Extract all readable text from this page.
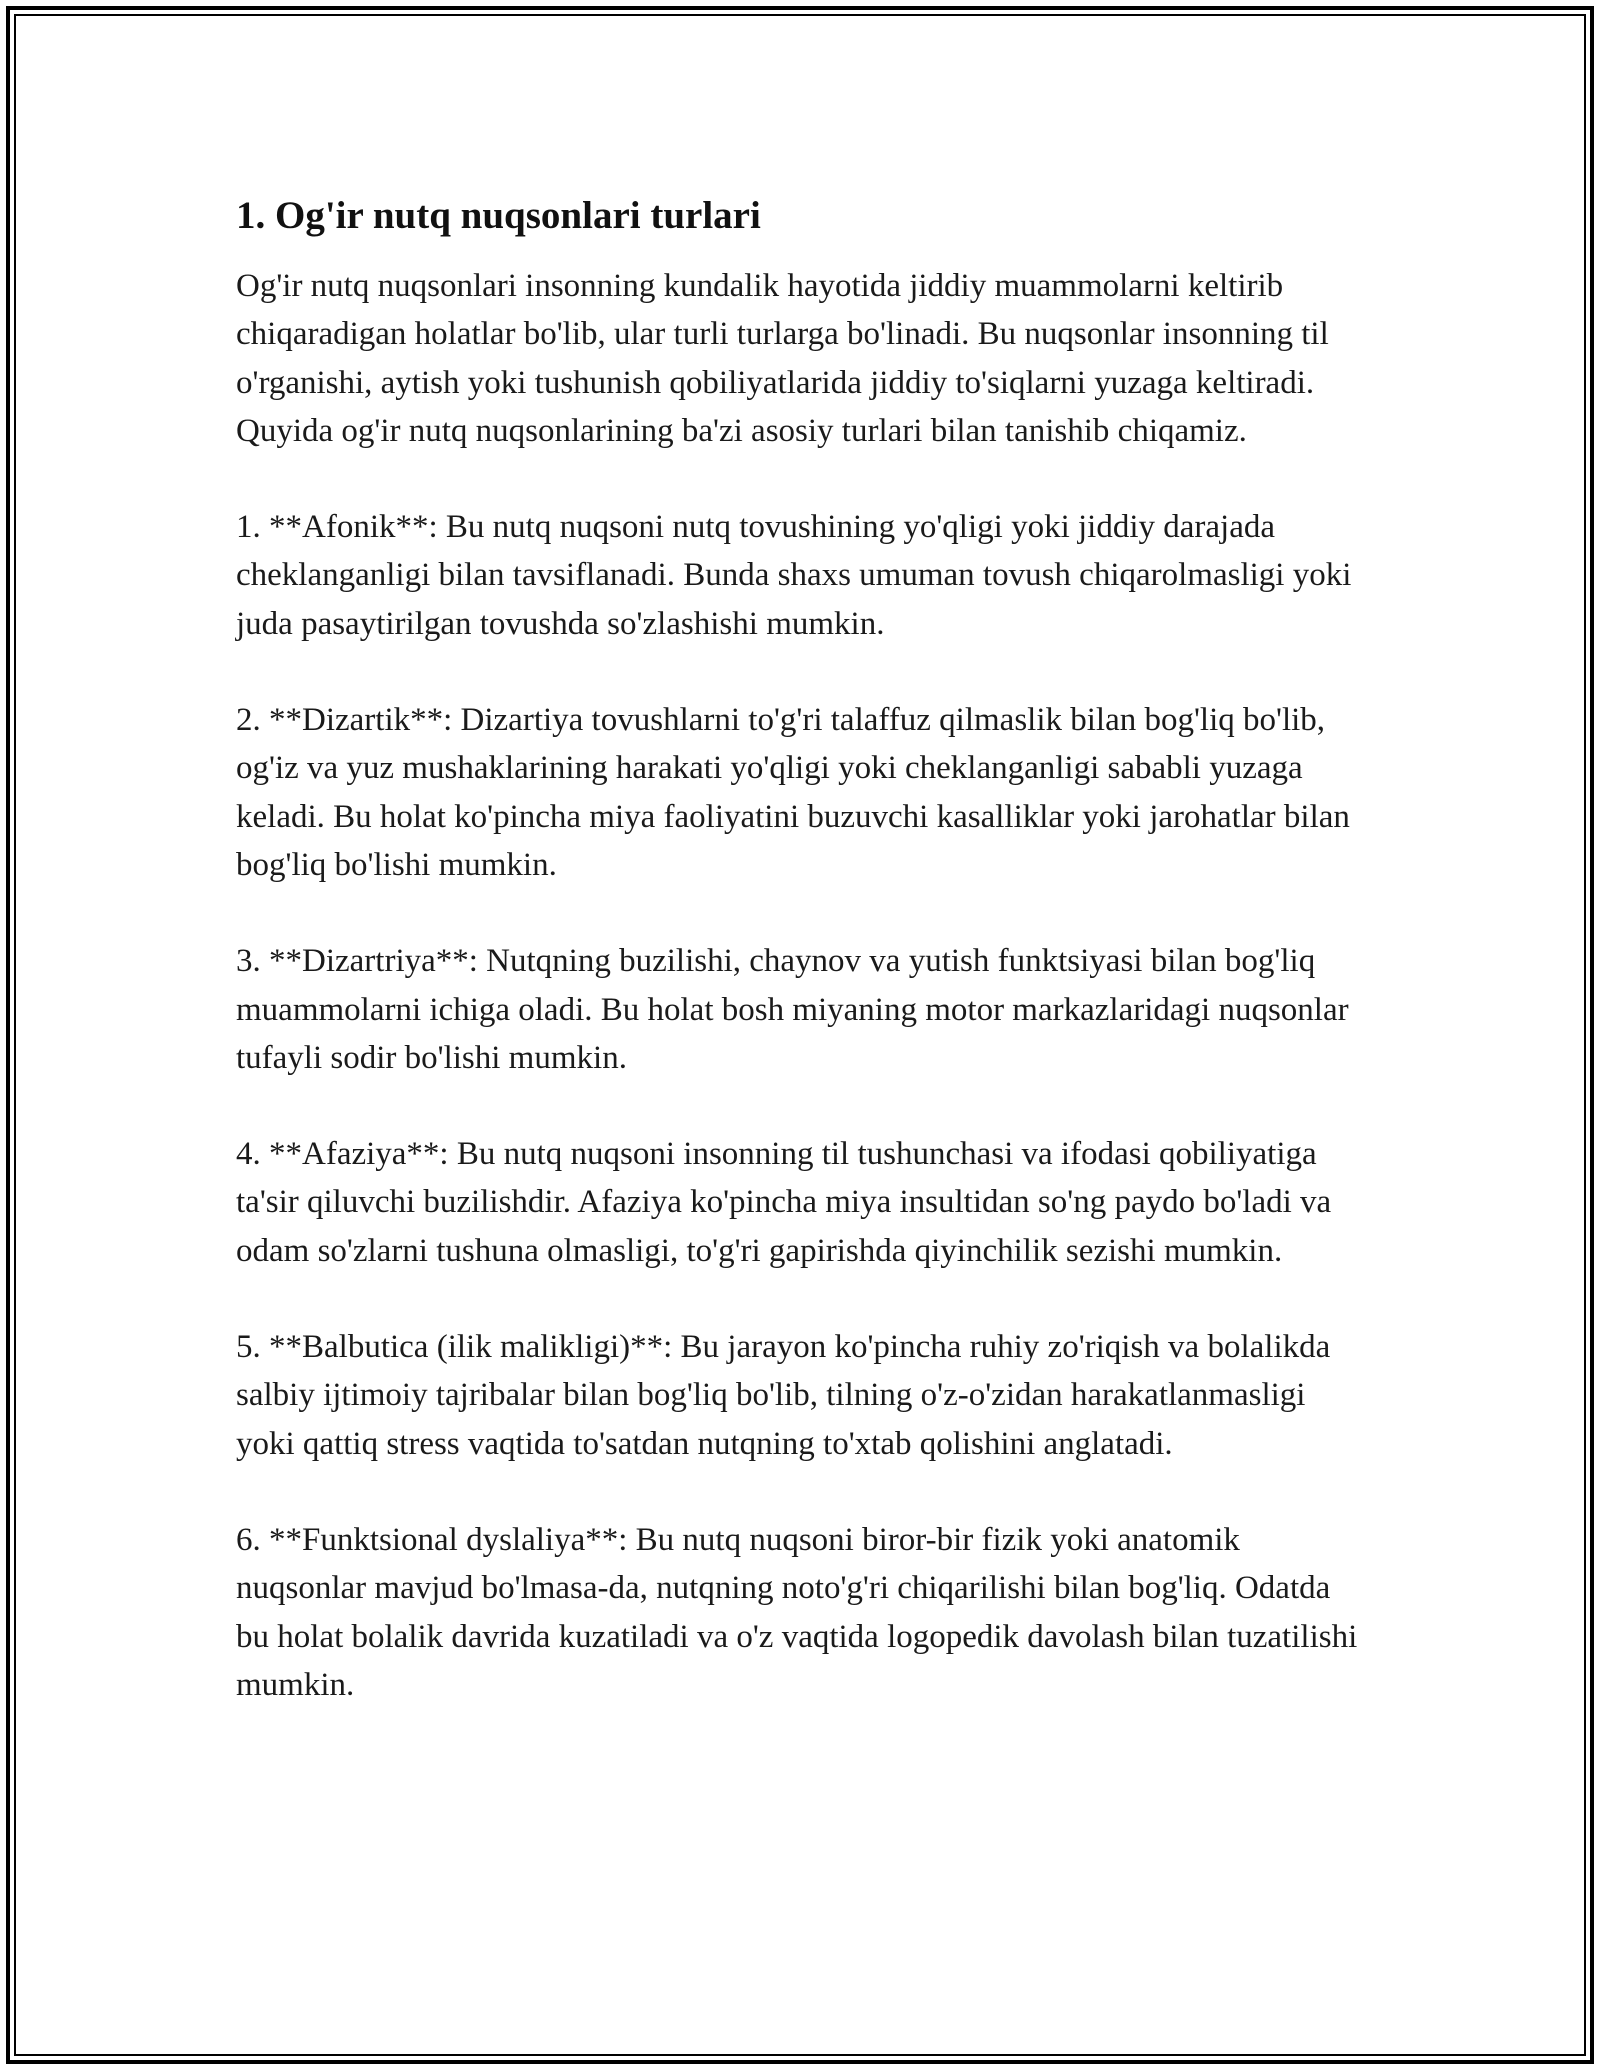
1. Og'ir nutq nuqsonlari turlari

Og'ir nutq nuqsonlari insonning kundalik hayotida jiddiy muammolarni keltirib chiqaradigan holatlar bo'lib, ular turli turlarga bo'linadi. Bu nuqsonlar insonning til o'rganishi, aytish yoki tushunish qobiliyatlarida jiddiy to'siqlarni yuzaga keltiradi. Quyida og'ir nutq nuqsonlarining ba'zi asosiy turlari bilan tanishib chiqamiz.

1. **Afonik**: Bu nutq nuqsoni nutq tovushining yo'qligi yoki jiddiy darajada cheklanganligi bilan tavsiflanadi. Bunda shaxs umuman tovush chiqarolmasligi yoki juda pasaytirilgan tovushda so'zlashishi mumkin.

2. **Dizartik**: Dizartiya tovushlarni to'g'ri talaffuz qilmaslik bilan bog'liq bo'lib, og'iz va yuz mushaklarining harakati yo'qligi yoki cheklanganligi sababli yuzaga keladi. Bu holat ko'pincha miya faoliyatini buzuvchi kasalliklar yoki jarohatlar bilan bog'liq bo'lishi mumkin.

3. **Dizartriya**: Nutqning buzilishi, chaynov va yutish funktsiyasi bilan bog'liq muammolarni ichiga oladi. Bu holat bosh miyaning motor markazlaridagi nuqsonlar tufayli sodir bo'lishi mumkin.

4. **Afaziya**: Bu nutq nuqsoni insonning til tushunchasi va ifodasi qobiliyatiga ta'sir qiluvchi buzilishdir. Afaziya ko'pincha miya insultidan so'ng paydo bo'ladi va odam so'zlarni tushuna olmasligi, to'g'ri gapirishda qiyinchilik sezishi mumkin.

5. **Balbutica (ilik malikligi)**: Bu jarayon ko'pincha ruhiy zo'riqish va bolalikda salbiy ijtimoiy tajribalar bilan bog'liq bo'lib, tilning o'z-o'zidan harakatlanmasligi yoki qattiq stress vaqtida to'satdan nutqning to'xtab qolishini anglatadi.

6. **Funktsional dyslaliya**: Bu nutq nuqsoni biror-bir fizik yoki anatomik nuqsonlar mavjud bo'lmasa-da, nutqning noto'g'ri chiqarilishi bilan bog'liq. Odatda bu holat bolalik davrida kuzatiladi va o'z vaqtida logopedik davolash bilan tuzatilishi mumkin.
